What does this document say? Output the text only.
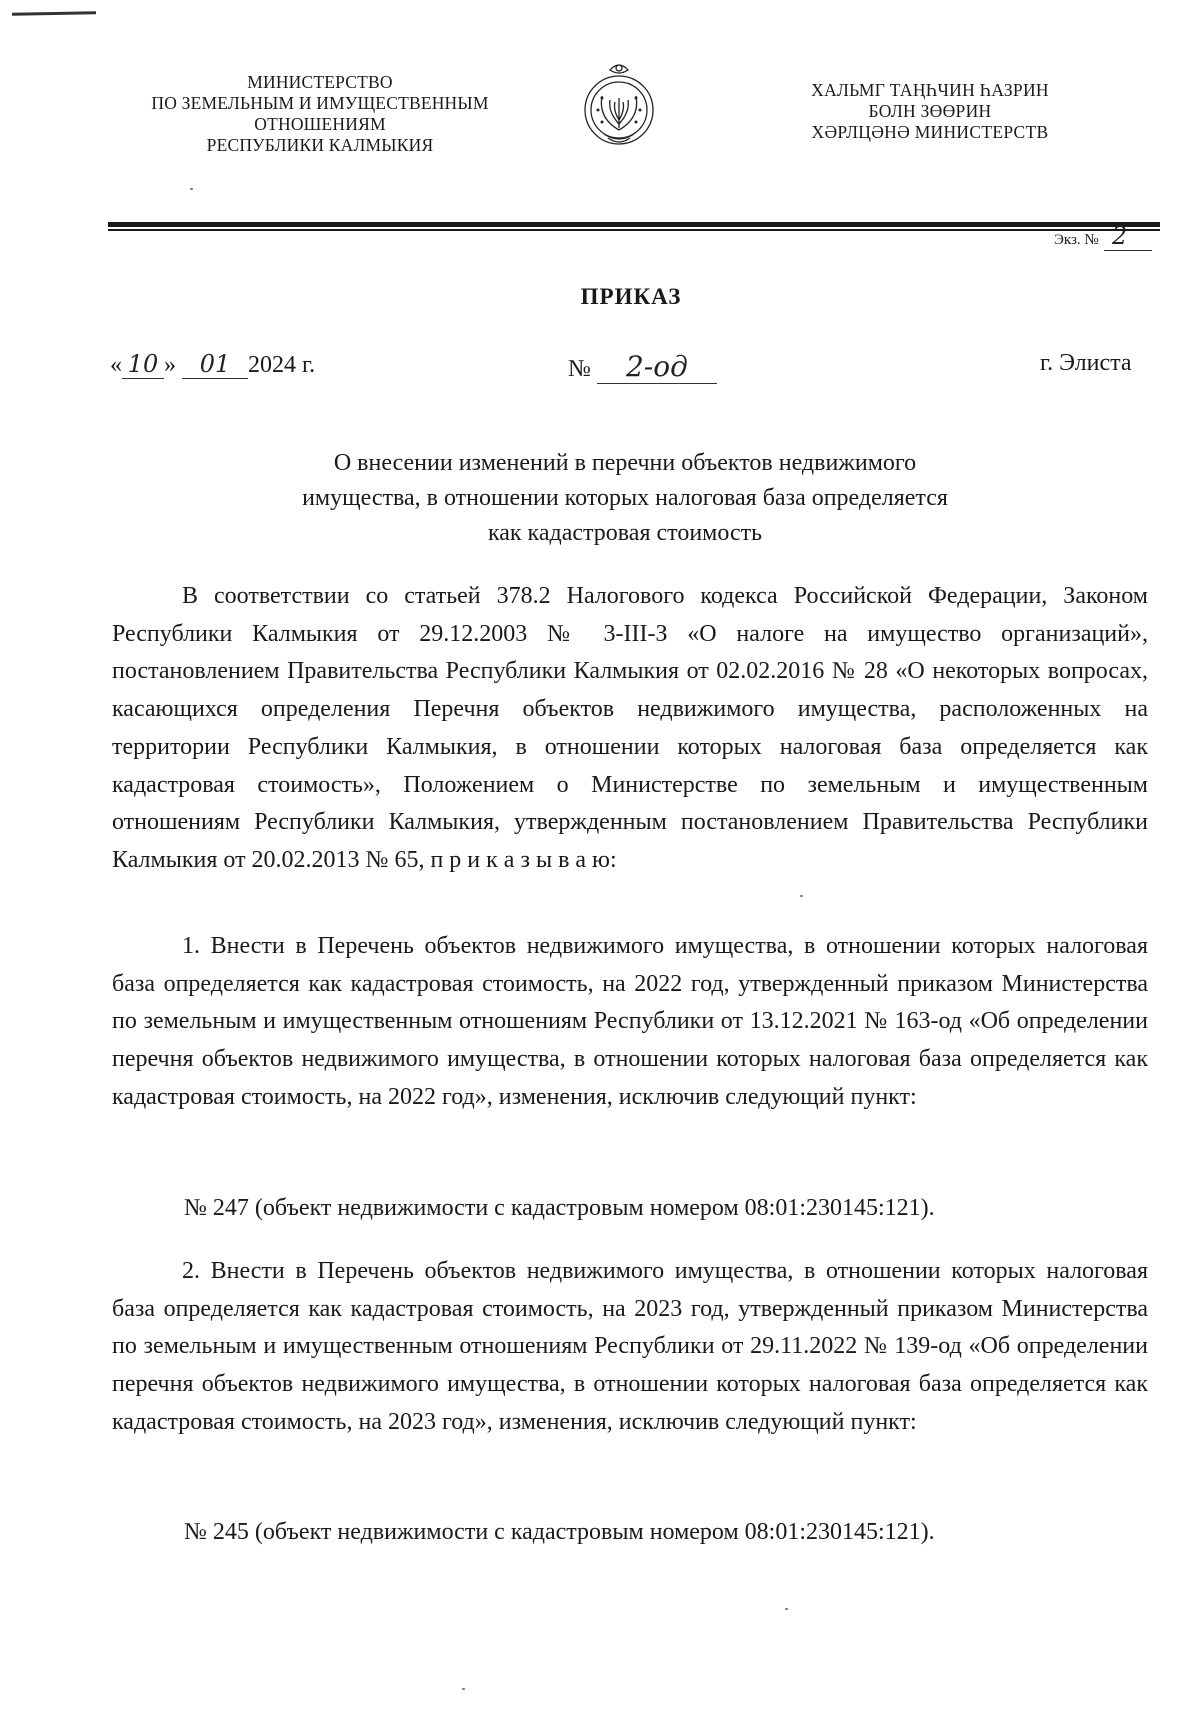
МИНИСТЕРСТВО
ПО ЗЕМЕЛЬНЫМ И ИМУЩЕСТВЕННЫМ
ОТНОШЕНИЯМ
РЕСПУБЛИКИ КАЛМЫКИЯ
ХАЛЬМГ ТАҢҺЧИН ҺАЗРИН
БОЛН ЗӨӨРИН
ХӘРЛЦӘНӘ МИНИСТЕРСТВ
Экз. № 2
ПРИКАЗ
« 10 » 01 2024 г.	№ 2-од	г. Элиста
О внесении изменений в перечни объектов недвижимого
имущества, в отношении которых налоговая база определяется
как кадастровая стоимость

В соответствии со статьей 378.2 Налогового кодекса Российской Федерации, Законом Республики Калмыкия от 29.12.2003 № 3-III-З «О налоге на имущество организаций», постановлением Правительства Республики Калмыкия от 02.02.2016 № 28 «О некоторых вопросах, касающихся определения Перечня объектов недвижимого имущества, расположенных на территории Республики Калмыкия, в отношении которых налоговая база определяется как кадастровая стоимость», Положением о Министерстве по земельным и имущественным отношениям Республики Калмыкия, утвержденным постановлением Правительства Республики Калмыкия от 20.02.2013 № 65, п р и к а з ы в а ю:

1. Внести в Перечень объектов недвижимого имущества, в отношении которых налоговая база определяется как кадастровая стоимость, на 2022 год, утвержденный приказом Министерства по земельным и имущественным отношениям Республики от 13.12.2021 № 163-од «Об определении перечня объектов недвижимого имущества, в отношении которых налоговая база определяется как кадастровая стоимость, на 2022 год», изменения, исключив следующий пункт:

№ 247 (объект недвижимости с кадастровым номером 08:01:230145:121).

2. Внести в Перечень объектов недвижимого имущества, в отношении которых налоговая база определяется как кадастровая стоимость, на 2023 год, утвержденный приказом Министерства по земельным и имущественным отношениям Республики от 29.11.2022 № 139-од «Об определении перечня объектов недвижимого имущества, в отношении которых налоговая база определяется как кадастровая стоимость, на 2023 год», изменения, исключив следующий пункт:

№ 245 (объект недвижимости с кадастровым номером 08:01:230145:121).
